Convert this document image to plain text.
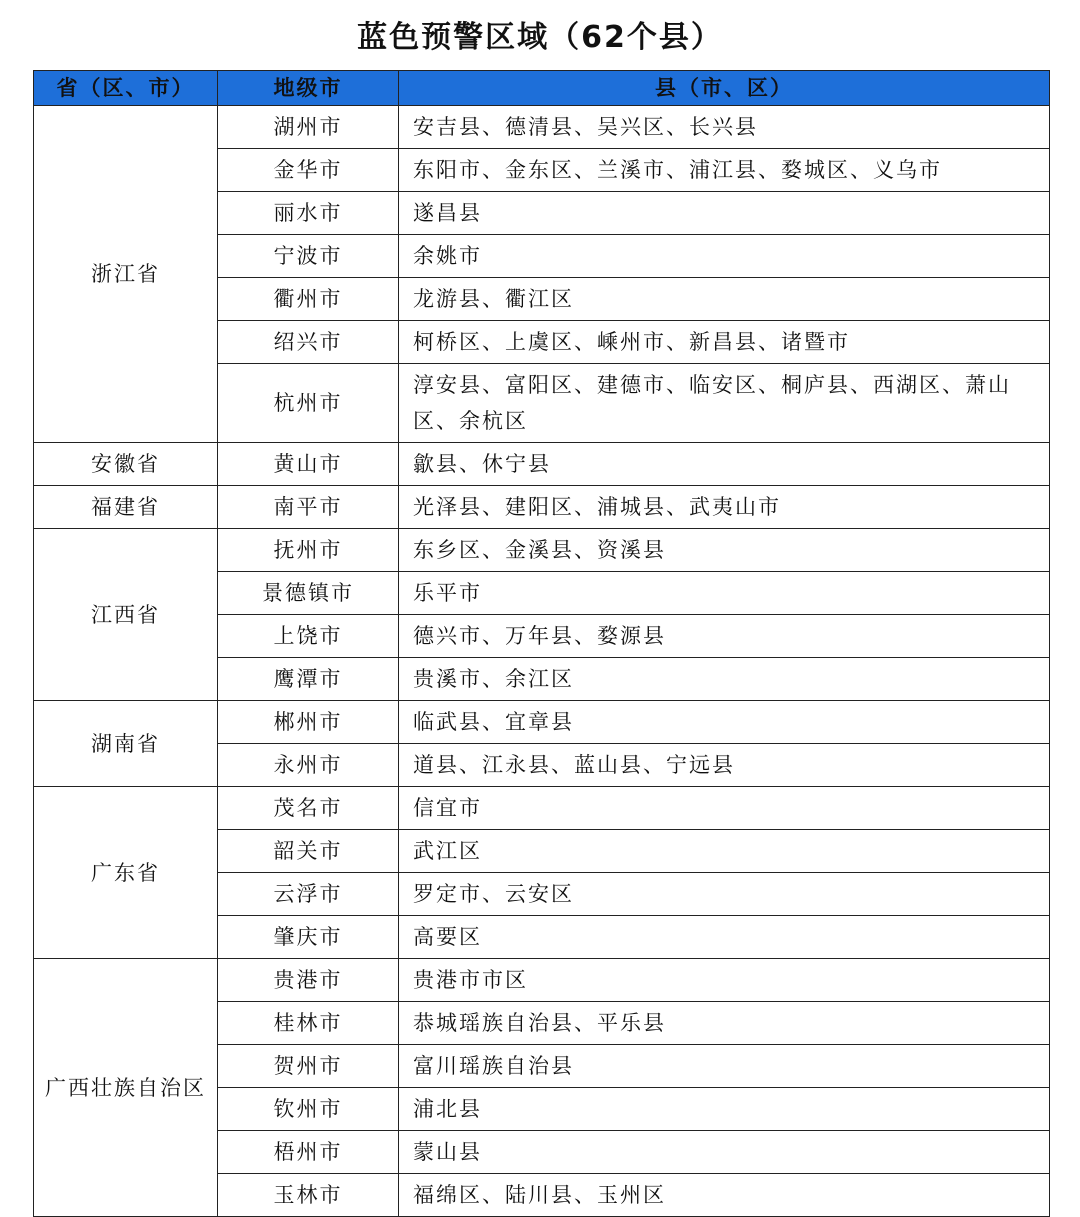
蓝色预警区域（62个县）
省（区、市）	地级市	县（市、区）
浙江省	湖州市	安吉县、德清县、吴兴区、长兴县
	金华市	东阳市、金东区、兰溪市、浦江县、婺城区、义乌市
	丽水市	遂昌县
	宁波市	余姚市
	衢州市	龙游县、衢江区
	绍兴市	柯桥区、上虞区、嵊州市、新昌县、诸暨市
	杭州市	淳安县、富阳区、建德市、临安区、桐庐县、西湖区、萧山区、余杭区
安徽省	黄山市	歙县、休宁县
福建省	南平市	光泽县、建阳区、浦城县、武夷山市
江西省	抚州市	东乡区、金溪县、资溪县
	景德镇市	乐平市
	上饶市	德兴市、万年县、婺源县
	鹰潭市	贵溪市、余江区
湖南省	郴州市	临武县、宜章县
	永州市	道县、江永县、蓝山县、宁远县
广东省	茂名市	信宜市
	韶关市	武江区
	云浮市	罗定市、云安区
	肇庆市	高要区
广西壮族自治区	贵港市	贵港市市区
	桂林市	恭城瑶族自治县、平乐县
	贺州市	富川瑶族自治县
	钦州市	浦北县
	梧州市	蒙山县
	玉林市	福绵区、陆川县、玉州区
